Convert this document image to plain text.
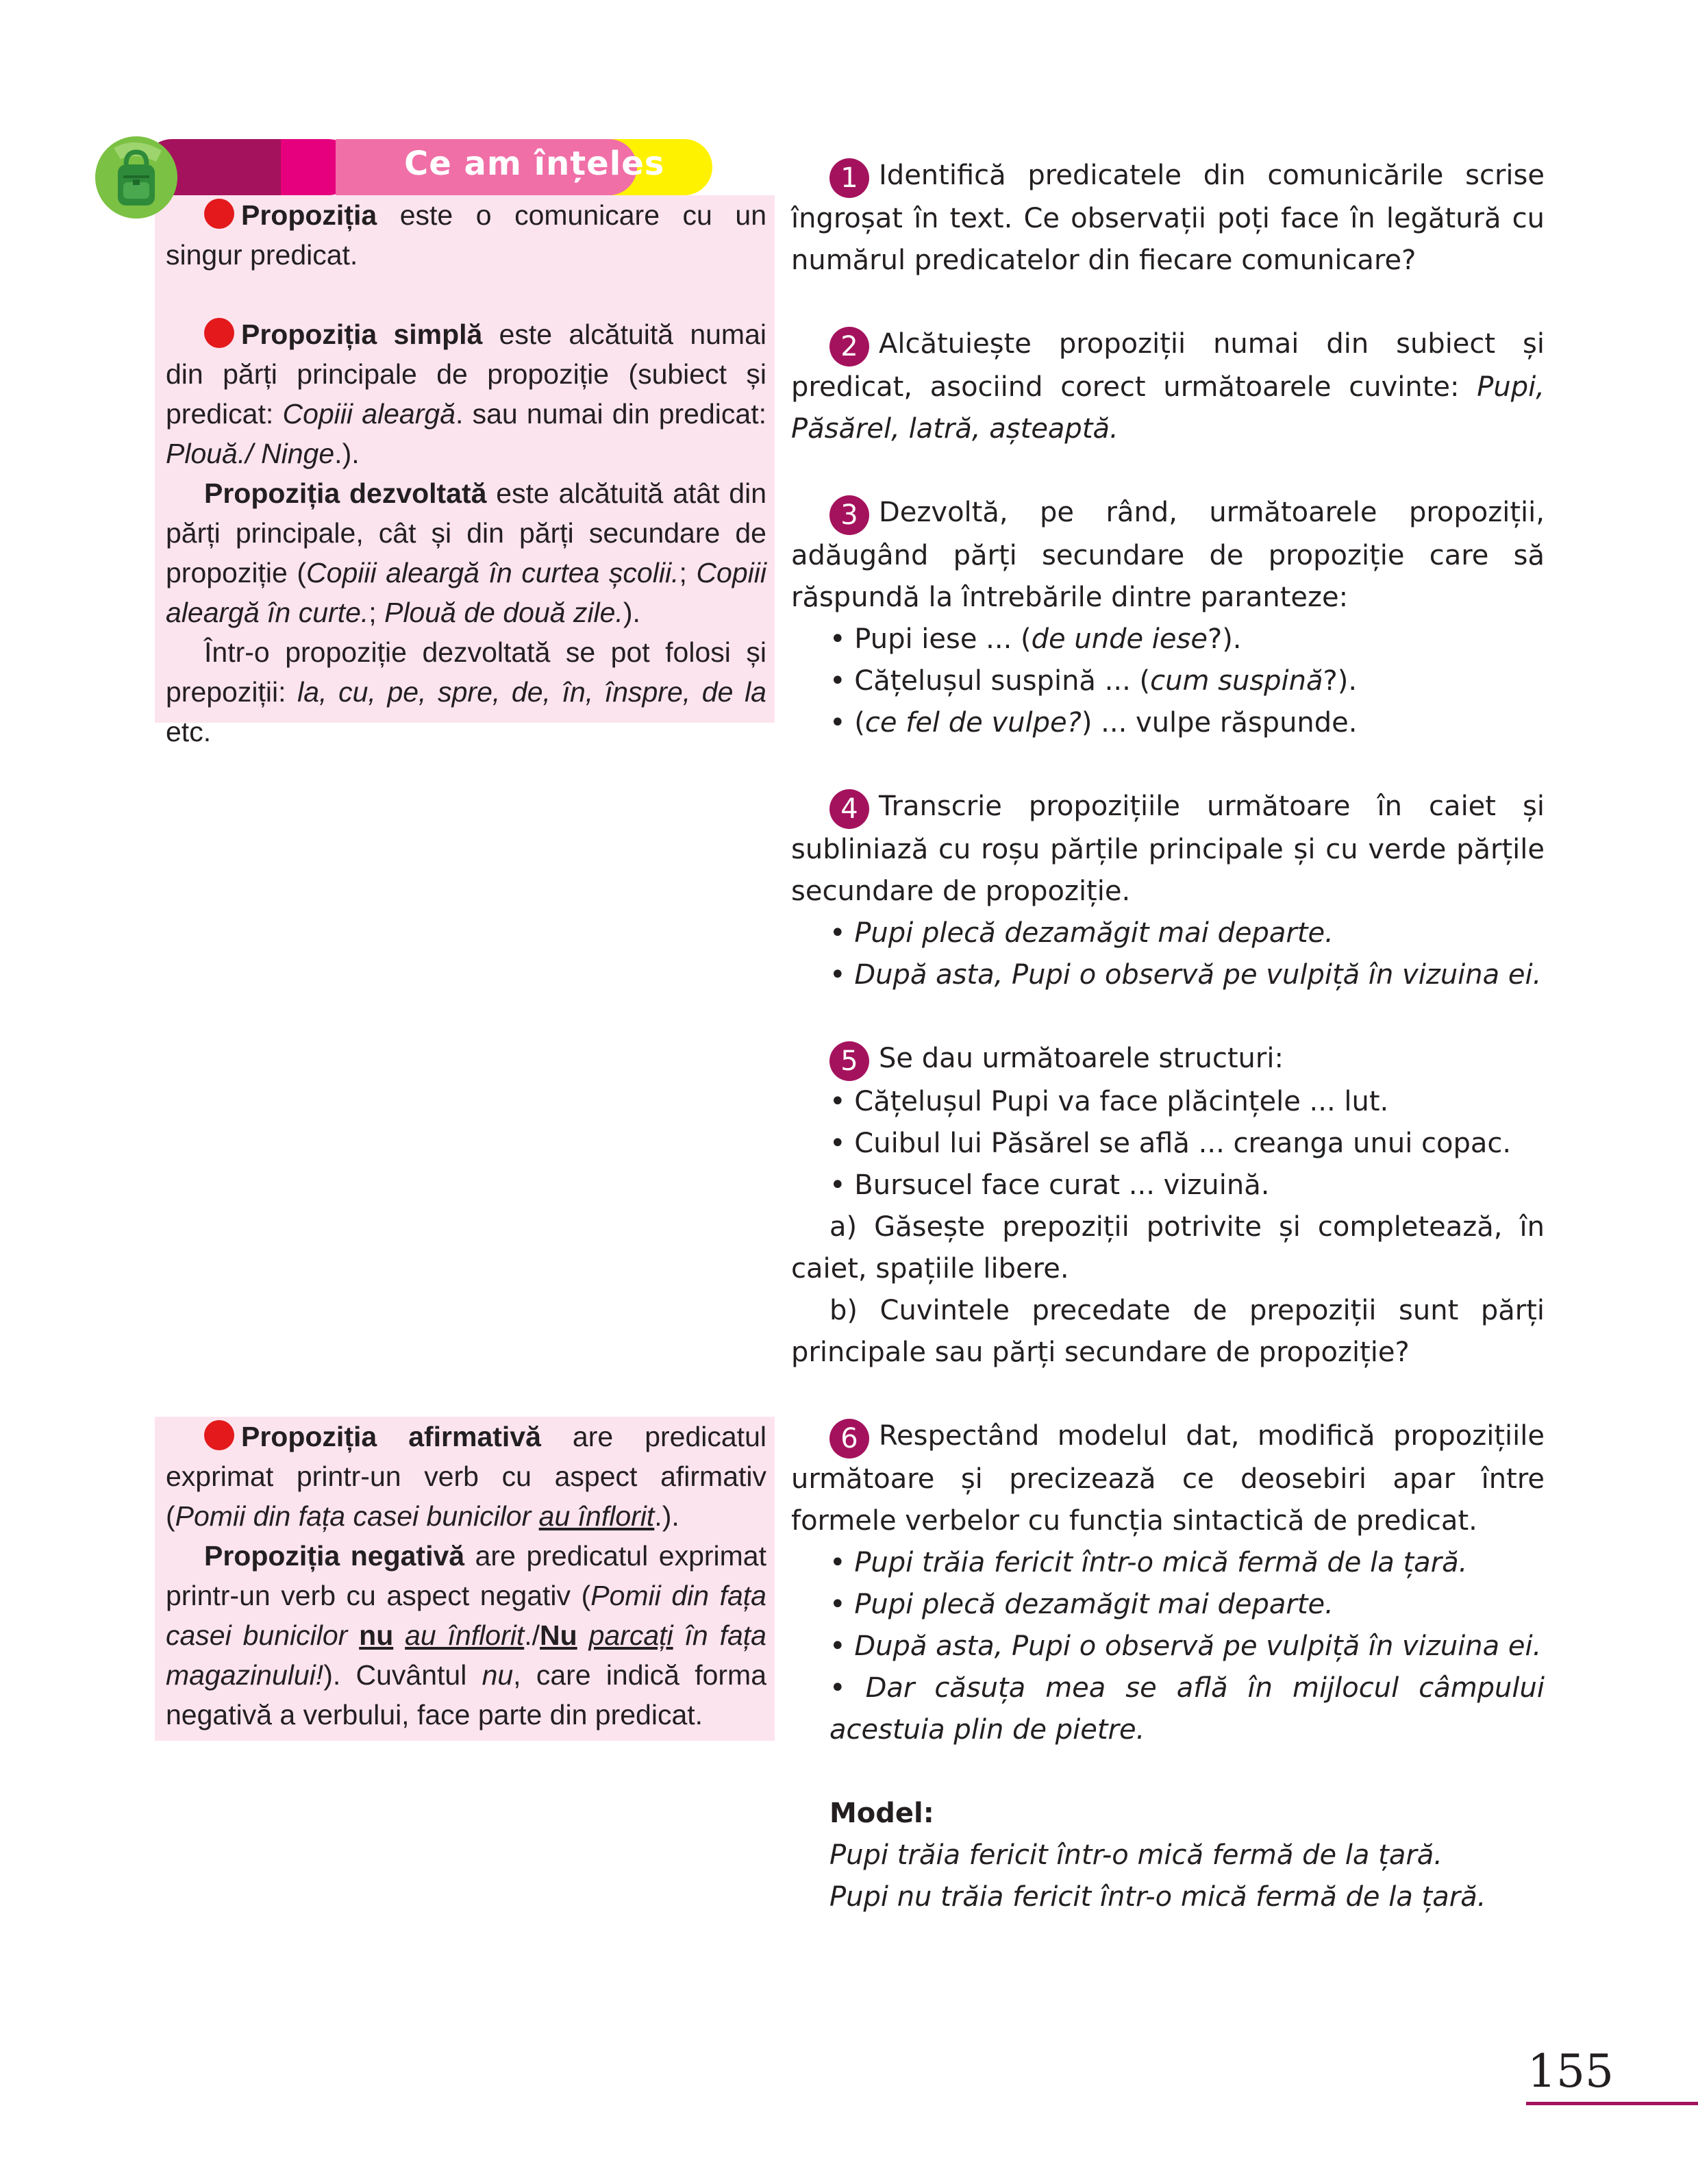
Ce am înțeles

Propoziția este o comunicare cu un singur predicat.

Propoziția simplă este alcătuită numai din părți principale de propoziție (subiect și predicat: Copiii aleargă. sau numai din predicat: Plouă./ Ninge.).

Propoziția dezvoltată este alcătuită atât din părți principale, cât și din părți secundare de propoziție (Copiii aleargă în curtea școlii.; Copiii aleargă în curte.; Plouă de două zile.).

Într-o propoziție dezvoltată se pot folosi și prepoziții: la, cu, pe, spre, de, în, înspre, de la etc.

Propoziția afirmativă are predicatul exprimat printr-un verb cu aspect afirmativ (Pomii din fața casei bunicilor au înflorit.).

Propoziția negativă are predicatul exprimat printr-un verb cu aspect negativ (Pomii din fața casei bunicilor nu au înflorit./Nu parcați în fața magazinului!). Cuvântul nu, care indică forma negativă a verbului, face parte din predicat.

1 Identifică predicatele din comunicările scrise îngroșat în text. Ce observații poți face în legătură cu numărul predicatelor din fiecare comunicare?

2 Alcătuiește propoziții numai din subiect și predicat, asociind corect următoarele cuvinte: Pupi, Păsărel, latră, așteaptă.

3 Dezvoltă, pe rând, următoarele propoziții, adăugând părți secundare de propoziție care să răspundă la întrebările dintre paranteze:

• Pupi iese ... (de unde iese?).

• Cățelușul suspină ... (cum suspină?).

• (ce fel de vulpe?) ... vulpe răspunde.

4 Transcrie propozițiile următoare în caiet și subliniază cu roșu părțile principale și cu verde părțile secundare de propoziție.

• Pupi plecă dezamăgit mai departe.

• După asta, Pupi o observă pe vulpiță în vizuina ei.

5 Se dau următoarele structuri:

• Cățelușul Pupi va face plăcințele ... lut.

• Cuibul lui Păsărel se află ... creanga unui copac.

• Bursucel face curat ... vizuină.

a) Găsește prepoziții potrivite și completează, în caiet, spațiile libere.

b) Cuvintele precedate de prepoziții sunt părți principale sau părți secundare de propoziție?

6 Respectând modelul dat, modifică propozițiile următoare și precizează ce deosebiri apar între formele verbelor cu funcția sintactică de predicat.

• Pupi trăia fericit într-o mică fermă de la țară.

• Pupi plecă dezamăgit mai departe.

• După asta, Pupi o observă pe vulpiță în vizuina ei.

• Dar căsuța mea se află în mijlocul câmpului acestuia plin de pietre.

Model:

Pupi trăia fericit într-o mică fermă de la țară.

Pupi nu trăia fericit într-o mică fermă de la țară.

155
